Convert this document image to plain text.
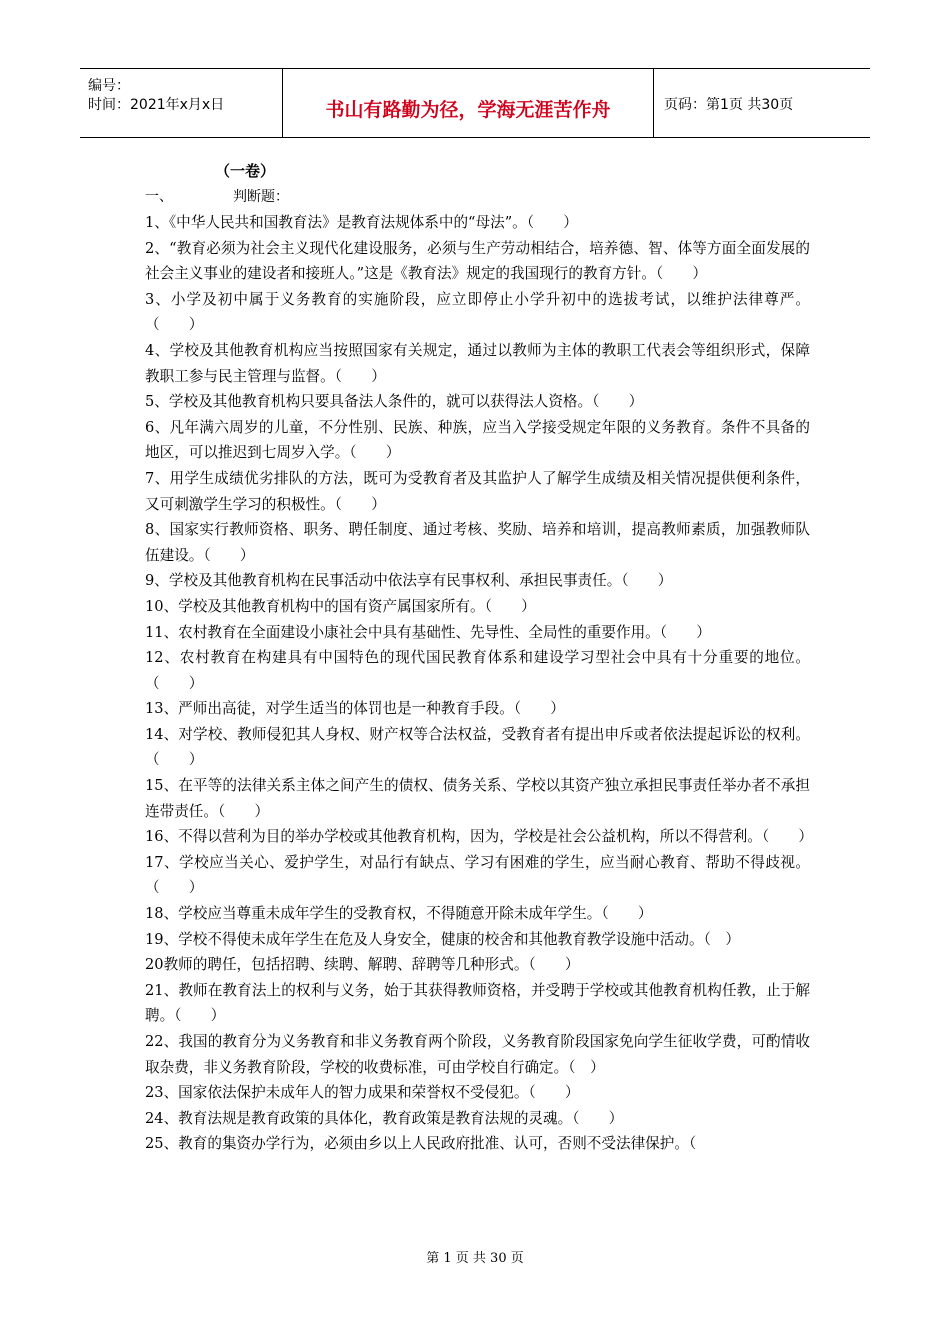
编号：
时间：2021年x月x日	书山有路勤为径，学海无涯苦作舟	页码：第1页 共30页
（一卷）
一、	判断题：
1、《中华人民共和国教育法》是教育法规体系中的“母法”。（　　）
2、“教育必须为社会主义现代化建设服务，必须与生产劳动相结合，培养德、智、体等方面全面发展的社会主义事业的建设者和接班人。”这是《教育法》规定的我国现行的教育方针。（　　）
3、小学及初中属于义务教育的实施阶段，应立即停止小学升初中的选拔考试，以维护法律尊严。（　　）
4、学校及其他教育机构应当按照国家有关规定，通过以教师为主体的教职工代表会等组织形式，保障教职工参与民主管理与监督。（　　）
5、学校及其他教育机构只要具备法人条件的，就可以获得法人资格。（　　）
6、凡年满六周岁的儿童，不分性别、民族、种族，应当入学接受规定年限的义务教育。条件不具备的地区，可以推迟到七周岁入学。（　　）
7、用学生成绩优劣排队的方法，既可为受教育者及其监护人了解学生成绩及相关情况提供便利条件，又可刺激学生学习的积极性。（　　）
8、国家实行教师资格、职务、聘任制度、通过考核、奖励、培养和培训，提高教师素质，加强教师队伍建设。（　　）
9、学校及其他教育机构在民事活动中依法享有民事权利、承担民事责任。（　　）
10、学校及其他教育机构中的国有资产属国家所有。（　　）
11、农村教育在全面建设小康社会中具有基础性、先导性、全局性的重要作用。（　　）
12、农村教育在构建具有中国特色的现代国民教育体系和建设学习型社会中具有十分重要的地位。（　　）
13、严师出高徒，对学生适当的体罚也是一种教育手段。（　　）
14、对学校、教师侵犯其人身权、财产权等合法权益，受教育者有提出申斥或者依法提起诉讼的权利。（　　）
15、在平等的法律关系主体之间产生的债权、债务关系、学校以其资产独立承担民事责任举办者不承担连带责任。（　　）
16、不得以营利为目的举办学校或其他教育机构，因为，学校是社会公益机构，所以不得营利。（　　）
17、学校应当关心、爱护学生，对品行有缺点、学习有困难的学生，应当耐心教育、帮助不得歧视。（　　）
18、学校应当尊重未成年学生的受教育权，不得随意开除未成年学生。（　　）
19、学校不得使未成年学生在危及人身安全，健康的校舍和其他教育教学设施中活动。（　）
20教师的聘任，包括招聘、续聘、解聘、辞聘等几种形式。（　　）
21、教师在教育法上的权利与义务，始于其获得教师资格，并受聘于学校或其他教育机构任教，止于解聘。（　　）
22、我国的教育分为义务教育和非义务教育两个阶段，义务教育阶段国家免向学生征收学费，可酌情收取杂费，非义务教育阶段，学校的收费标准，可由学校自行确定。（　）
23、国家依法保护未成年人的智力成果和荣誉权不受侵犯。（　　）
24、教育法规是教育政策的具体化，教育政策是教育法规的灵魂。（　　）
25、教育的集资办学行为，必须由乡以上人民政府批准、认可，否则不受法律保护。（
第 1 页 共 30 页
